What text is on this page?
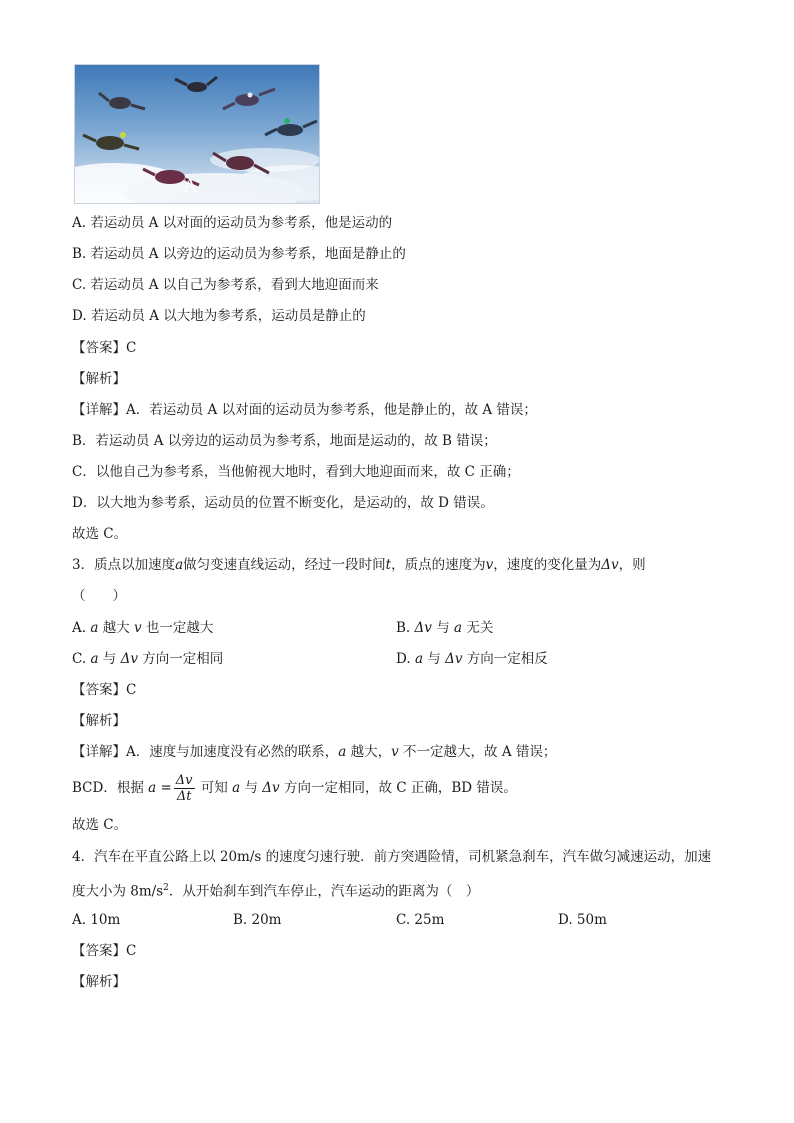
A
A. 若运动员 A 以对面的运动员为参考系，他是运动的
B. 若运动员 A 以旁边的运动员为参考系，地面是静止的
C. 若运动员 A 以自己为参考系，看到大地迎面而来
D. 若运动员 A 以大地为参考系，运动员是静止的
【答案】C
【解析】
【详解】A．若运动员 A 以对面的运动员为参考系，他是静止的，故 A 错误；
B．若运动员 A 以旁边的运动员为参考系，地面是运动的，故 B 错误；
C．以他自己为参考系，当他俯视大地时，看到大地迎面而来，故 C 正确；
D．以大地为参考系，运动员的位置不断变化，是运动的，故 D 错误。
故选 C。
3．质点以加速度a做匀变速直线运动，经过一段时间t，质点的速度为v，速度的变化量为Δv，则
（　　）
A. a 越大 v 也一定越大	B. Δv 与 a 无关
C. a 与 Δv 方向一定相同	D. a 与 Δv 方向一定相反
【答案】C
【解析】
【详解】A．速度与加速度没有必然的联系，a 越大，v 不一定越大，故 A 错误；
BCD．根据 $a = \frac{\Delta v}{\Delta t}$ 可知 a 与 Δv 方向一定相同，故 C 正确，BD 错误。
故选 C。
4．汽车在平直公路上以 20m/s 的速度匀速行驶．前方突遇险情，司机紧急刹车，汽车做匀减速运动，加速
度大小为 $8m/s^2$．从开始刹车到汽车停止，汽车运动的距离为（　）
A. 10m	B. 20m	C. 25m	D. 50m
【答案】C
【解析】
